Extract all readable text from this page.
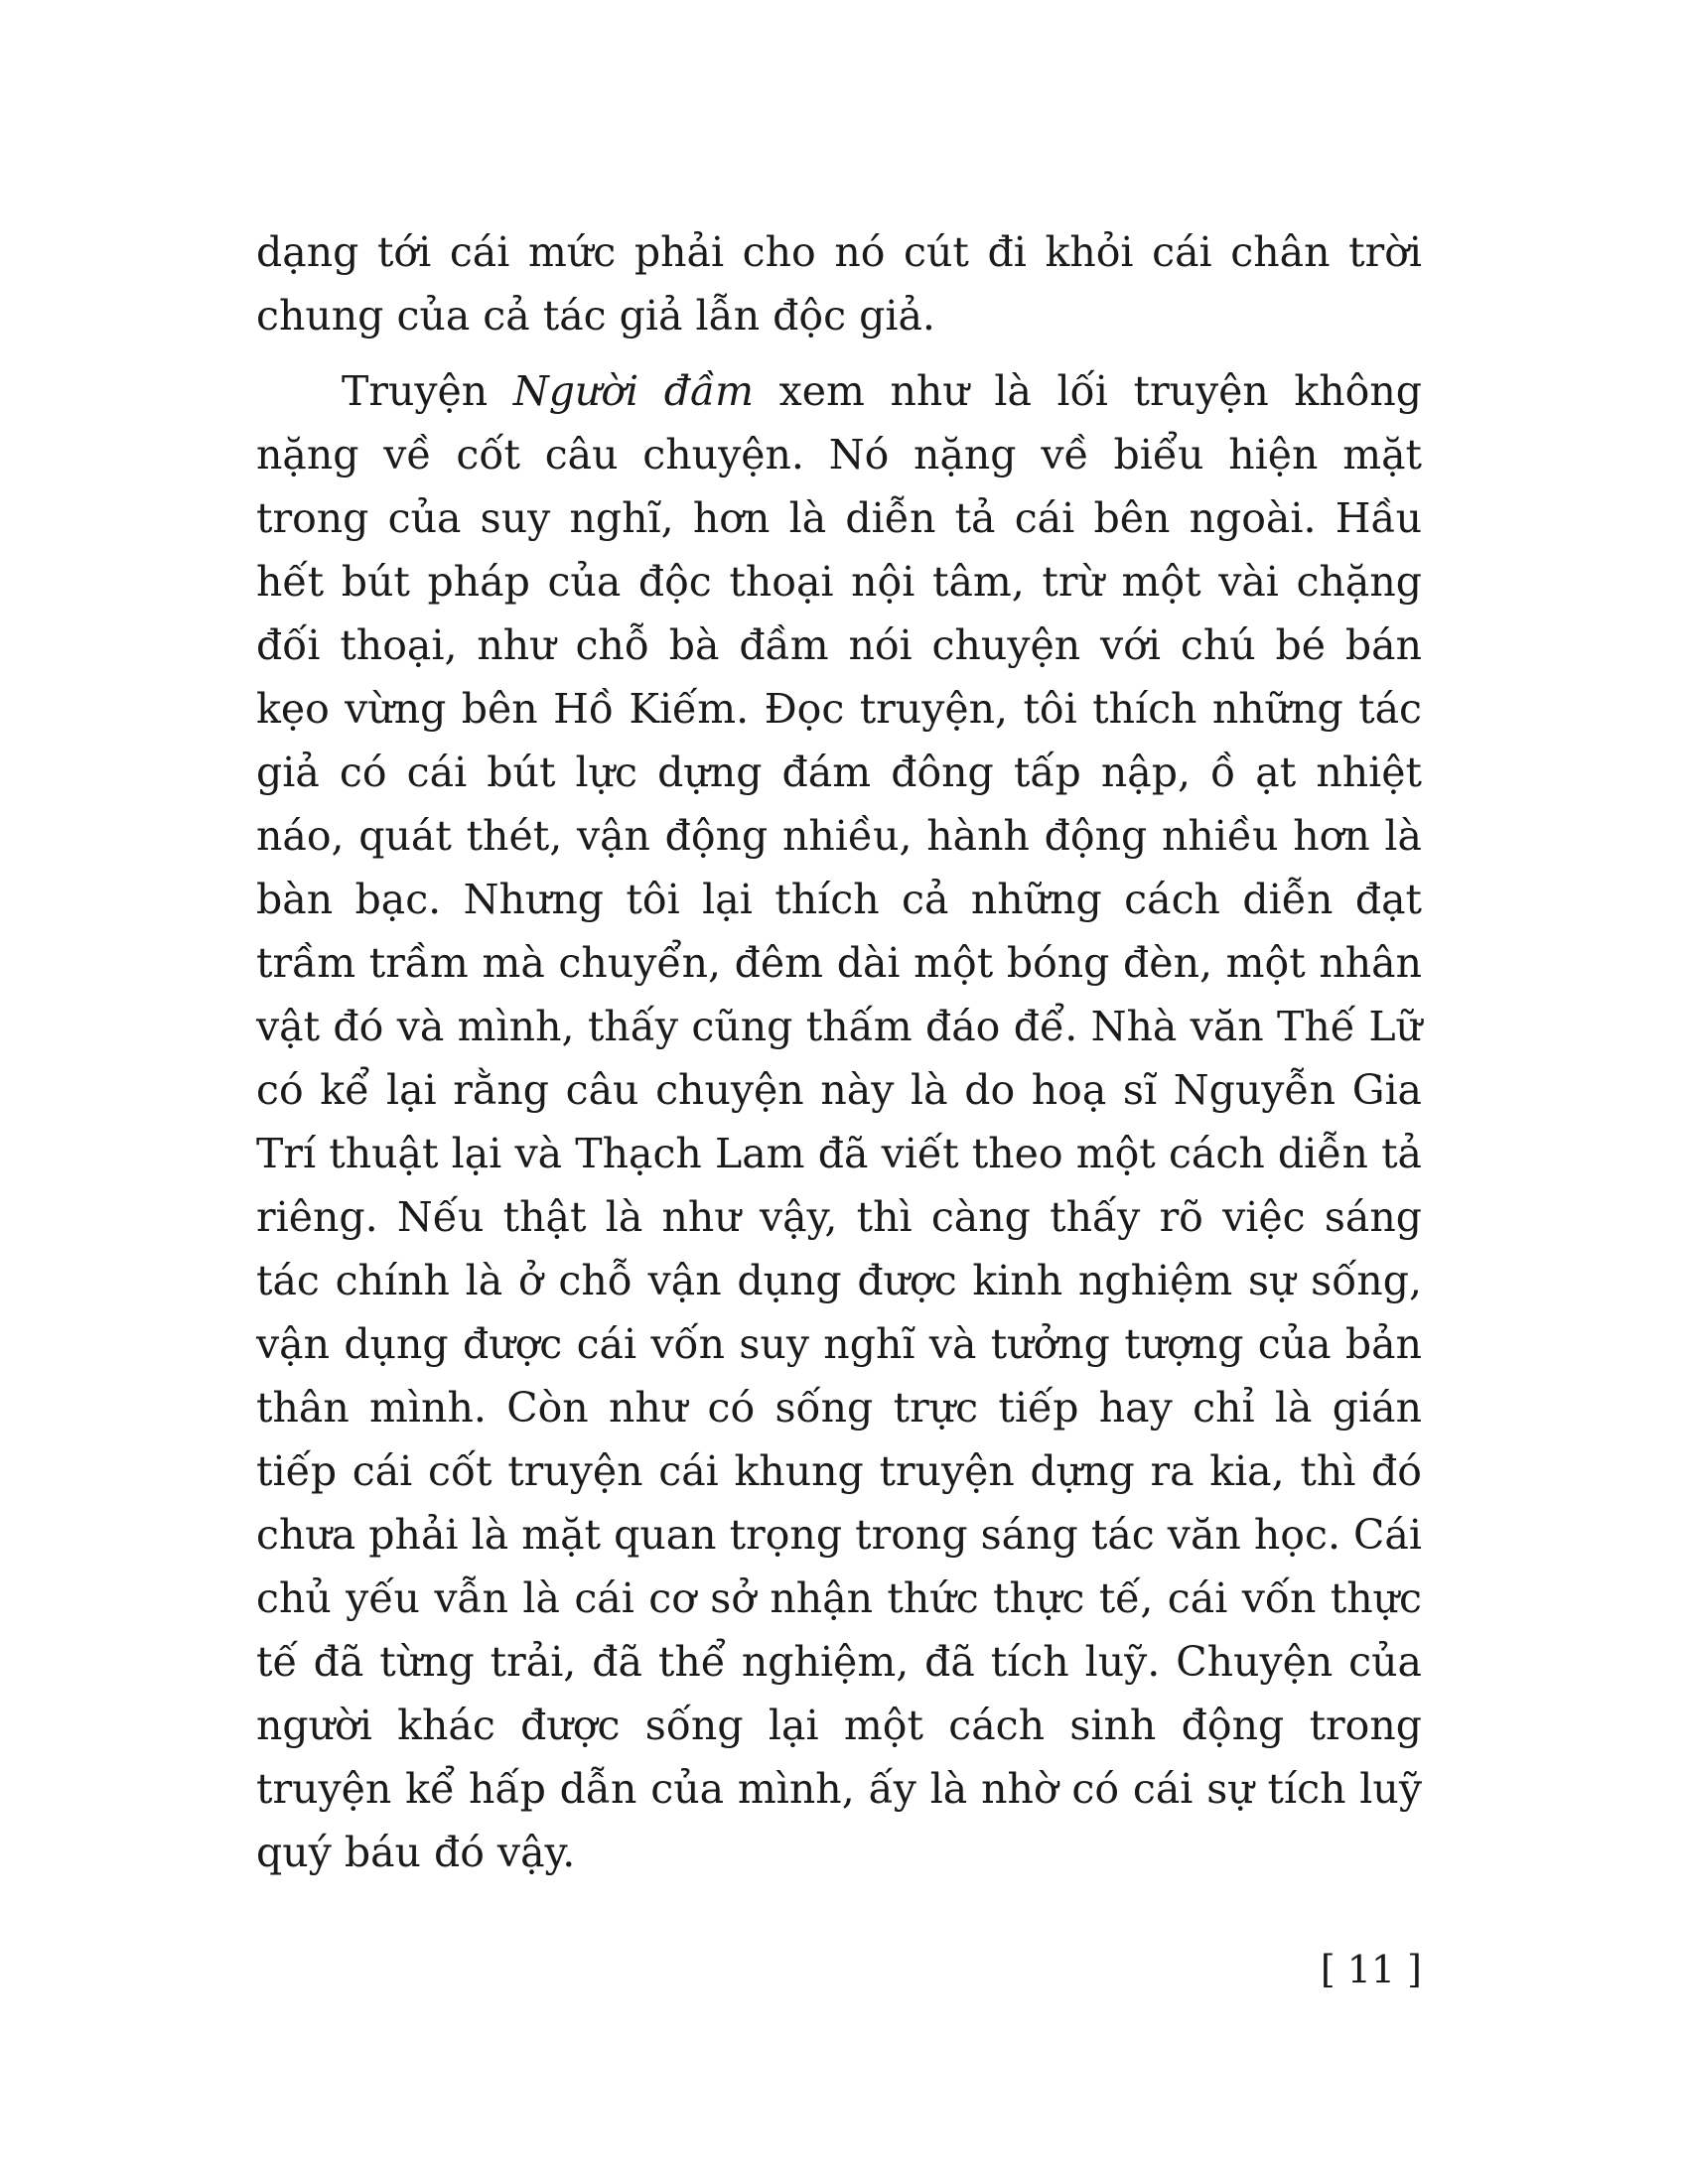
dạng tới cái mức phải cho nó cút đi khỏi cái chân trời chung của cả tác giả lẫn độc giả.

Truyện Người đầm xem như là lối truyện không nặng về cốt câu chuyện. Nó nặng về biểu hiện mặt trong của suy nghĩ, hơn là diễn tả cái bên ngoài. Hầu hết bút pháp của độc thoại nội tâm, trừ một vài chặng đối thoại, như chỗ bà đầm nói chuyện với chú bé bán kẹo vừng bên Hồ Kiếm. Đọc truyện, tôi thích những tác giả có cái bút lực dựng đám đông tấp nập, ồ ạt nhiệt náo, quát thét, vận động nhiều, hành động nhiều hơn là bàn bạc. Nhưng tôi lại thích cả những cách diễn đạt trầm trầm mà chuyển, đêm dài một bóng đèn, một nhân vật đó và mình, thấy cũng thấm đáo để. Nhà văn Thế Lữ có kể lại rằng câu chuyện này là do hoạ sĩ Nguyễn Gia Trí thuật lại và Thạch Lam đã viết theo một cách diễn tả riêng. Nếu thật là như vậy, thì càng thấy rõ việc sáng tác chính là ở chỗ vận dụng được kinh nghiệm sự sống, vận dụng được cái vốn suy nghĩ và tưởng tượng của bản thân mình. Còn như có sống trực tiếp hay chỉ là gián tiếp cái cốt truyện cái khung truyện dựng ra kia, thì đó chưa phải là mặt quan trọng trong sáng tác văn học. Cái chủ yếu vẫn là cái cơ sở nhận thức thực tế, cái vốn thực tế đã từng trải, đã thể nghiệm, đã tích luỹ. Chuyện của người khác được sống lại một cách sinh động trong truyện kể hấp dẫn của mình, ấy là nhờ có cái sự tích luỹ quý báu đó vậy.

[ 11 ]
